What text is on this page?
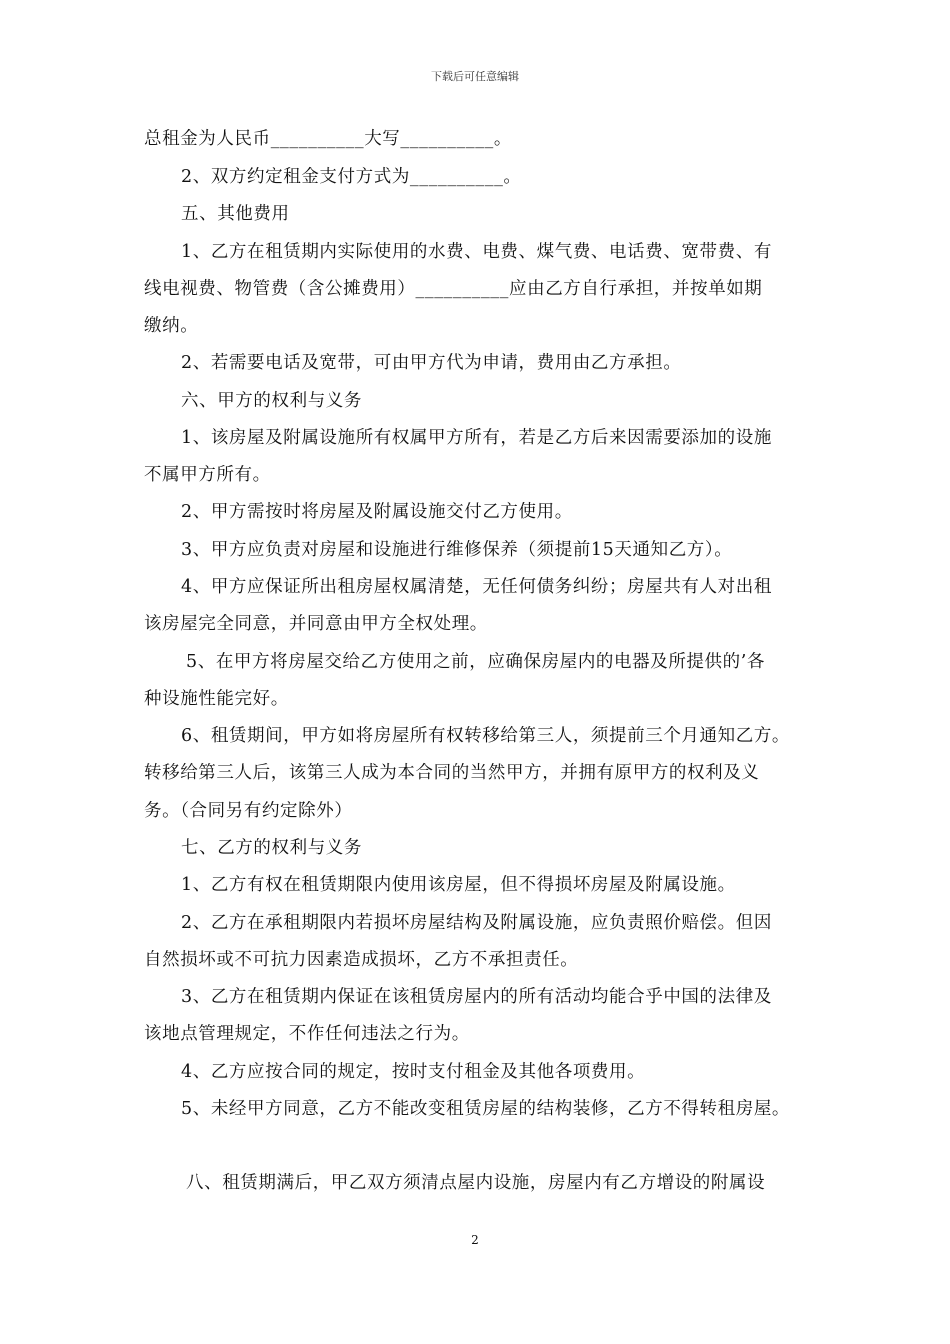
下载后可任意编辑
总租金为人民币__________大写__________。
2、双方约定租金支付方式为__________。
五、其他费用
1、乙方在租赁期内实际使用的水费、电费、煤气费、电话费、宽带费、有
线电视费、物管费（含公摊费用）__________应由乙方自行承担，并按单如期
缴纳。
2、若需要电话及宽带，可由甲方代为申请，费用由乙方承担。
六、甲方的权利与义务
1、该房屋及附属设施所有权属甲方所有，若是乙方后来因需要添加的设施
不属甲方所有。
2、甲方需按时将房屋及附属设施交付乙方使用。
3、甲方应负责对房屋和设施进行维修保养（须提前15天通知乙方）。
4、甲方应保证所出租房屋权属清楚，无任何债务纠纷；房屋共有人对出租
该房屋完全同意，并同意由甲方全权处理。
5、在甲方将房屋交给乙方使用之前，应确保房屋内的电器及所提供的’各
种设施性能完好。
6、租赁期间，甲方如将房屋所有权转移给第三人，须提前三个月通知乙方。
转移给第三人后，该第三人成为本合同的当然甲方，并拥有原甲方的权利及义
务。（合同另有约定除外）
七、乙方的权利与义务
1、乙方有权在租赁期限内使用该房屋，但不得损坏房屋及附属设施。
2、乙方在承租期限内若损坏房屋结构及附属设施，应负责照价赔偿。但因
自然损坏或不可抗力因素造成损坏，乙方不承担责任。
3、乙方在租赁期内保证在该租赁房屋内的所有活动均能合乎中国的法律及
该地点管理规定，不作任何违法之行为。
4、乙方应按合同的规定，按时支付租金及其他各项费用。
5、未经甲方同意，乙方不能改变租赁房屋的结构装修，乙方不得转租房屋。
八、租赁期满后，甲乙双方须清点屋内设施，房屋内有乙方增设的附属设
2
